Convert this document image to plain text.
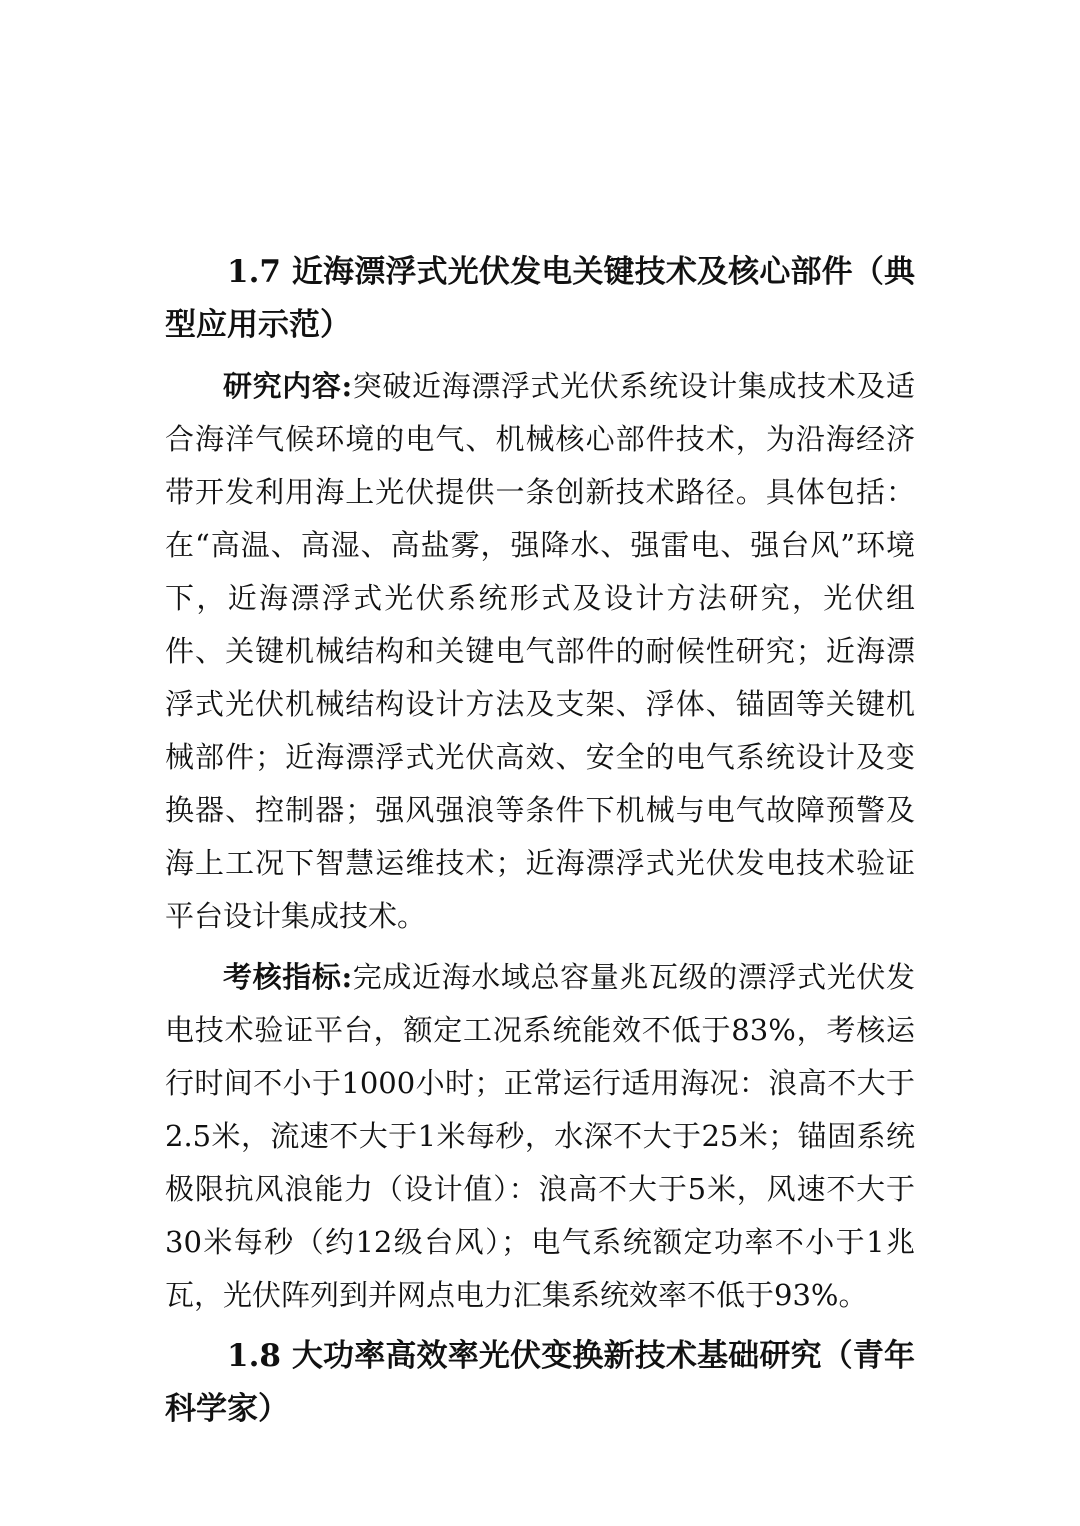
1.7 近海漂浮式光伏发电关键技术及核心部件（典型应用示范）

研究内容:突破近海漂浮式光伏系统设计集成技术及适合海洋气候环境的电气、机械核心部件技术，为沿海经济带开发利用海上光伏提供一条创新技术路径。具体包括：在“高温、高湿、高盐雾，强降水、强雷电、强台风”环境下，近海漂浮式光伏系统形式及设计方法研究，光伏组件、关键机械结构和关键电气部件的耐候性研究；近海漂浮式光伏机械结构设计方法及支架、浮体、锚固等关键机械部件；近海漂浮式光伏高效、安全的电气系统设计及变换器、控制器；强风强浪等条件下机械与电气故障预警及海上工况下智慧运维技术；近海漂浮式光伏发电技术验证平台设计集成技术。

考核指标:完成近海水域总容量兆瓦级的漂浮式光伏发电技术验证平台，额定工况系统能效不低于83%，考核运行时间不小于1000小时；正常运行适用海况：浪高不大于2.5米，流速不大于1米每秒，水深不大于25米；锚固系统极限抗风浪能力（设计值）：浪高不大于5米，风速不大于30米每秒（约12级台风）；电气系统额定功率不小于1兆瓦，光伏阵列到并网点电力汇集系统效率不低于93%。

1.8 大功率高效率光伏变换新技术基础研究（青年科学家）
